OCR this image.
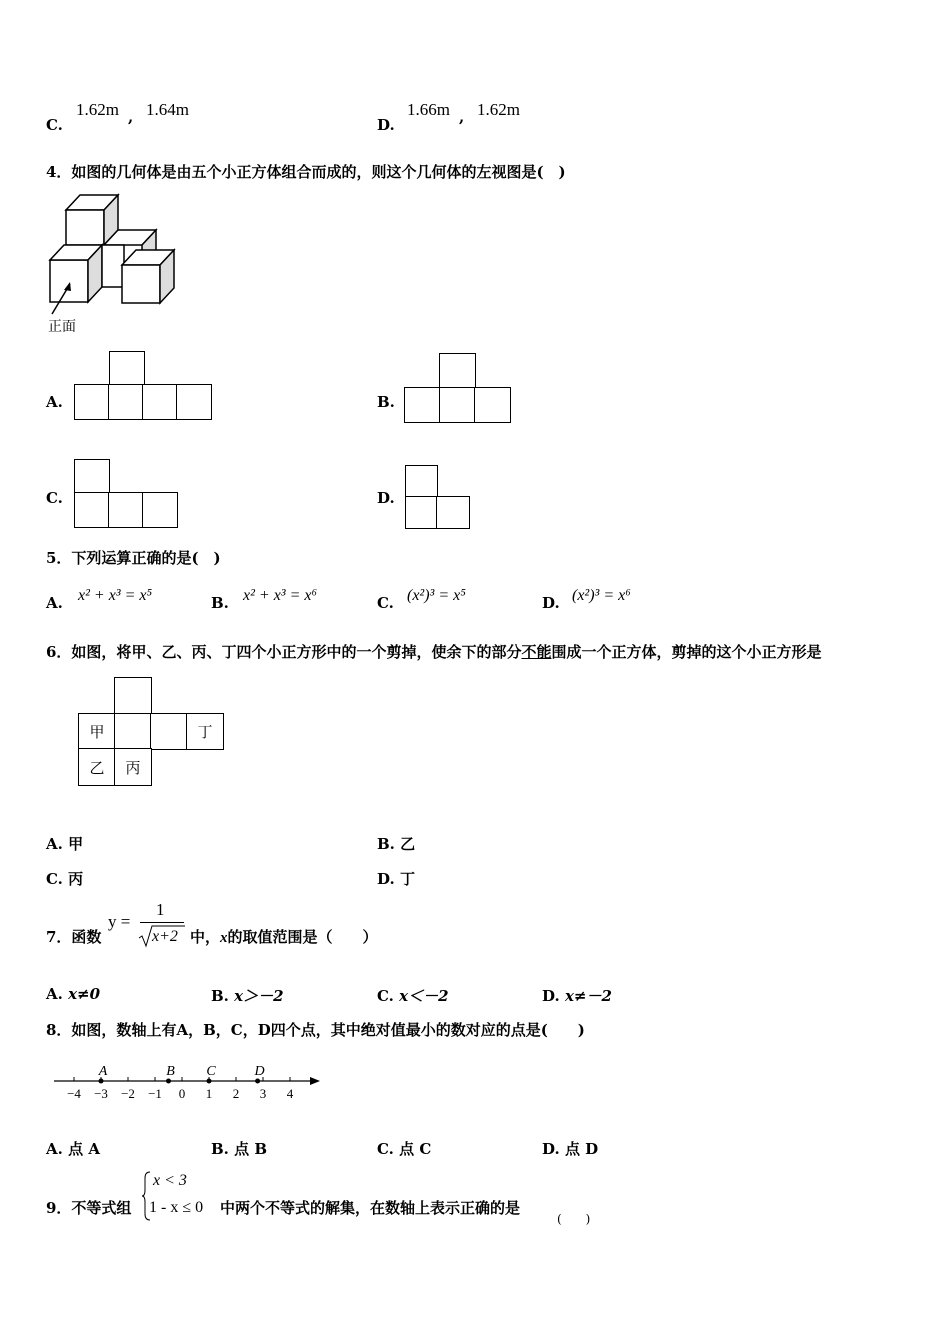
C.
1.62m , 1.64m
D.
1.66m , 1.62m
4．如图的几何体是由五个小正方体组合而成的，则这个几何体的左视图是(　)
正面
A.	B.
C.	D.
5．下列运算正确的是(　)
A. x² + x³ = x⁵	B. x² + x³ = x⁶	C. (x²)³ = x⁵	D. (x²)³ = x⁶
6．如图，将甲、乙、丙、丁四个小正方形中的一个剪掉，使余下的部分不能围成一个正方体，剪掉的这个小正方形是
甲	丁
乙 丙
A. 甲	B. 乙
C. 丙	D. 丁
7．函数
y =
1
x+2 中，x的取值范围是（　　）
A. x≠0	B. x＞－2	C. x＜－2	D. x≠－2
8．如图，数轴上有A，B，C，D四个点，其中绝对值最小的数对应的点是(　　)
−4 −3 −2 −1 0 1 2 3 4
A	B C	D
A. 点 A	B. 点 B	C. 点 C	D. 点 D
9．不等式组
x < 3
1 - x ≤ 0 中两个不等式的解集，在数轴上表示正确的是
(　　)
